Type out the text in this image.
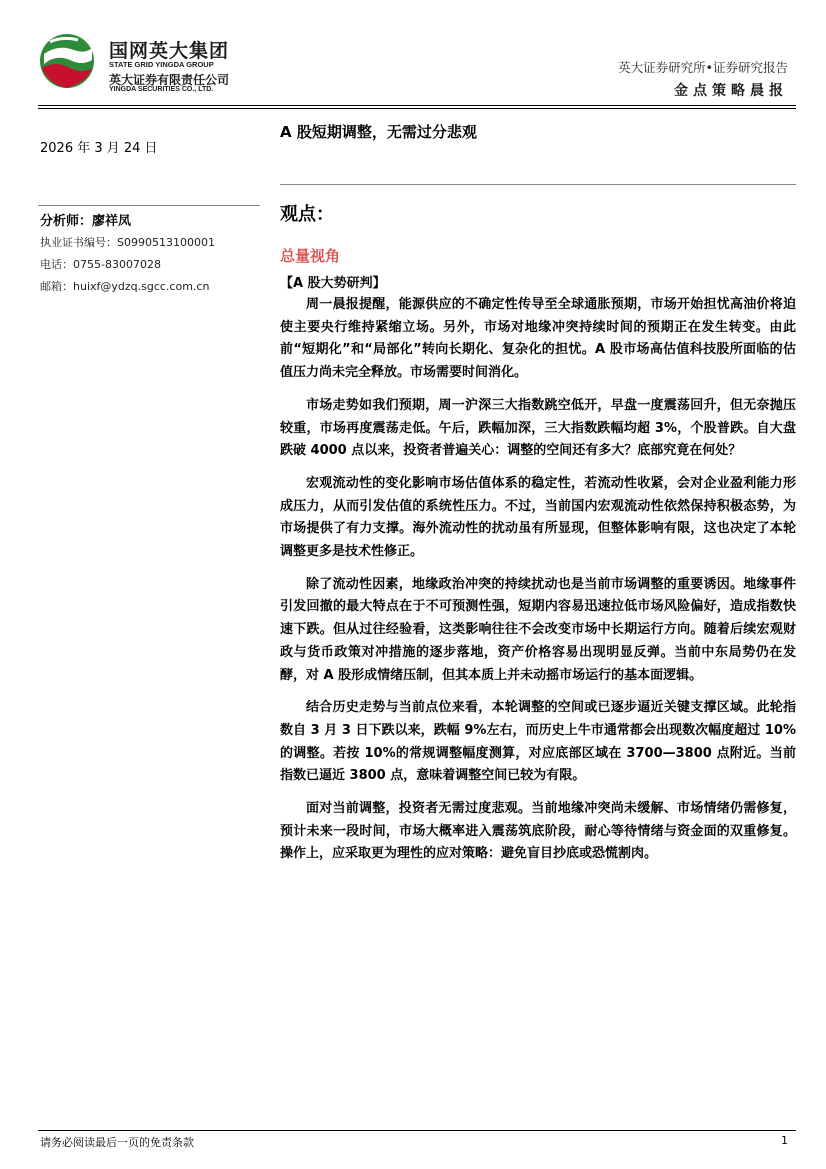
国网英大集团
STATE GRID YINGDA GROUP
英大证券有限责任公司
YINGDA SECURITIES CO., LTD.
英大证券研究所•证券研究报告
金点策略晨报
2026 年 3 月 24 日
A 股短期调整，无需过分悲观
分析师：廖祥凤
执业证书编号：S0990513100001
电话：0755-83007028
邮箱：huixf@ydzq.sgcc.com.cn
观点：
总量视角
【A 股大势研判】

周一晨报提醒，能源供应的不确定性传导至全球通胀预期，市场开始担忧高油价将迫使主要央行维持紧缩立场。另外，市场对地缘冲突持续时间的预期正在发生转变。由此前“短期化”和“局部化”转向长期化、复杂化的担忧。A 股市场高估值科技股所面临的估值压力尚未完全释放。市场需要时间消化。

市场走势如我们预期，周一沪深三大指数跳空低开，早盘一度震荡回升，但无奈抛压较重，市场再度震荡走低。午后，跌幅加深，三大指数跌幅均超 3%，个股普跌。自大盘跌破 4000 点以来，投资者普遍关心：调整的空间还有多大？底部究竟在何处？

宏观流动性的变化影响市场估值体系的稳定性，若流动性收紧，会对企业盈利能力形成压力，从而引发估值的系统性压力。不过，当前国内宏观流动性依然保持积极态势，为市场提供了有力支撑。海外流动性的扰动虽有所显现，但整体影响有限，这也决定了本轮调整更多是技术性修正。

除了流动性因素，地缘政治冲突的持续扰动也是当前市场调整的重要诱因。地缘事件引发回撤的最大特点在于不可预测性强，短期内容易迅速拉低市场风险偏好，造成指数快速下跌。但从过往经验看，这类影响往往不会改变市场中长期运行方向。随着后续宏观财政与货币政策对冲措施的逐步落地，资产价格容易出现明显反弹。当前中东局势仍在发酵，对 A 股形成情绪压制，但其本质上并未动摇市场运行的基本面逻辑。

结合历史走势与当前点位来看，本轮调整的空间或已逐步逼近关键支撑区域。此轮指数自 3 月 3 日下跌以来，跌幅 9%左右，而历史上牛市通常都会出现数次幅度超过 10%的调整。若按 10%的常规调整幅度测算，对应底部区域在 3700—3800 点附近。当前指数已逼近 3800 点，意味着调整空间已较为有限。

面对当前调整，投资者无需过度悲观。当前地缘冲突尚未缓解、市场情绪仍需修复，预计未来一段时间，市场大概率进入震荡筑底阶段，耐心等待情绪与资金面的双重修复。操作上，应采取更为理性的应对策略：避免盲目抄底或恐慌割肉。

请务必阅读最后一页的免责条款	1
